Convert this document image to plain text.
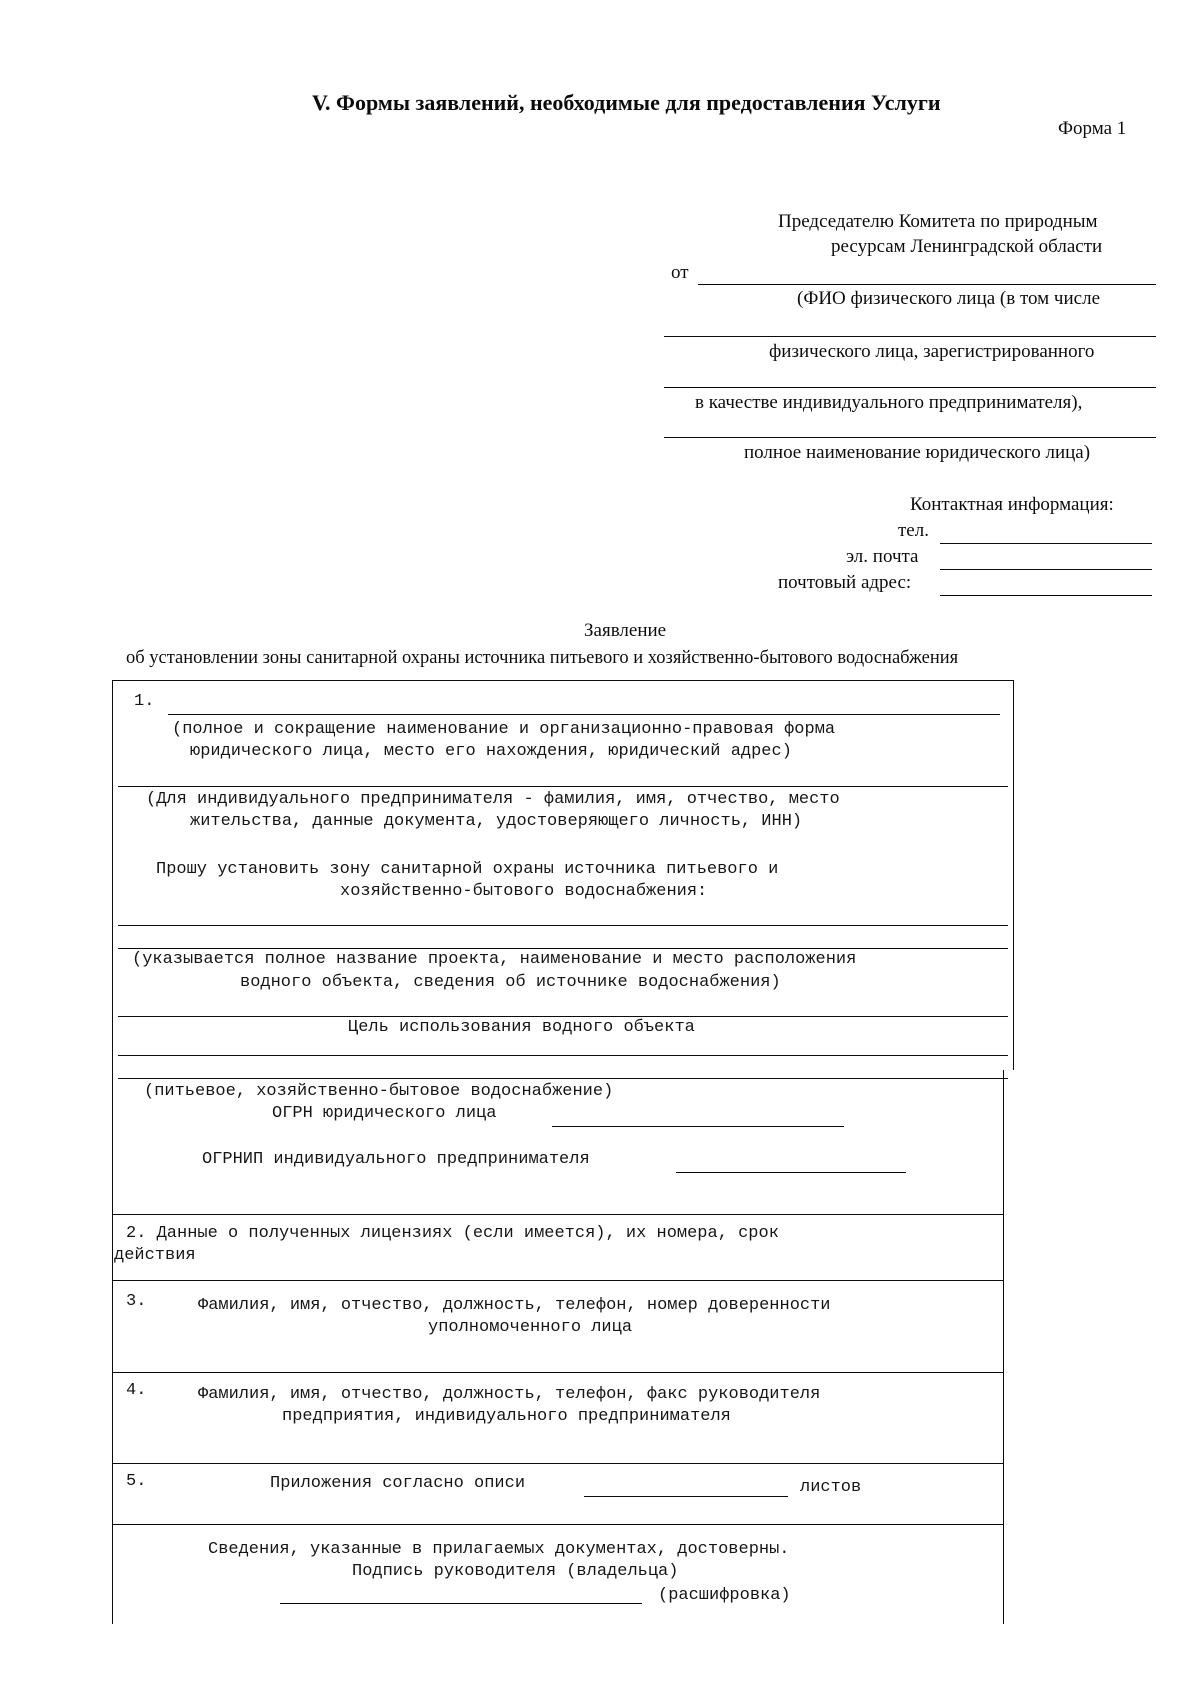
V. Формы заявлений, необходимые для предоставления Услуги
Форма 1
Председателю Комитета по природным
ресурсам Ленинградской области
от
(ФИО физического лица (в том числе
физического лица, зарегистрированного
в качестве индивидуального предпринимателя),
полное наименование юридического лица)
Контактная информация:
тел.
эл. почта
почтовый адрес:
Заявление
об установлении зоны санитарной охраны источника питьевого и хозяйственно-бытового водоснабжения
1.
(полное и сокращение наименование и организационно-правовая форма
юридического лица, место его нахождения, юридический адрес)
(Для индивидуального предпринимателя - фамилия, имя, отчество, место
жительства, данные документа, удостоверяющего личность, ИНН)
Прошу установить зону санитарной охраны источника питьевого и
хозяйственно-бытового водоснабжения:
(указывается полное название проекта, наименование и место расположения
водного объекта, сведения об источнике водоснабжения)
Цель использования водного объекта
(питьевое, хозяйственно-бытовое водоснабжение)
ОГРН юридического лица
ОГРНИП индивидуального предпринимателя
2. Данные о полученных лицензиях (если имеется), их номера, срок
действия
3.	Фамилия, имя, отчество, должность, телефон, номер доверенности
уполномоченного лица
4.	Фамилия, имя, отчество, должность, телефон, факс руководителя
предприятия, индивидуального предпринимателя
5.	Приложения согласно описи	листов
Сведения, указанные в прилагаемых документах, достоверны.
Подпись руководителя (владельца)
(расшифровка)
